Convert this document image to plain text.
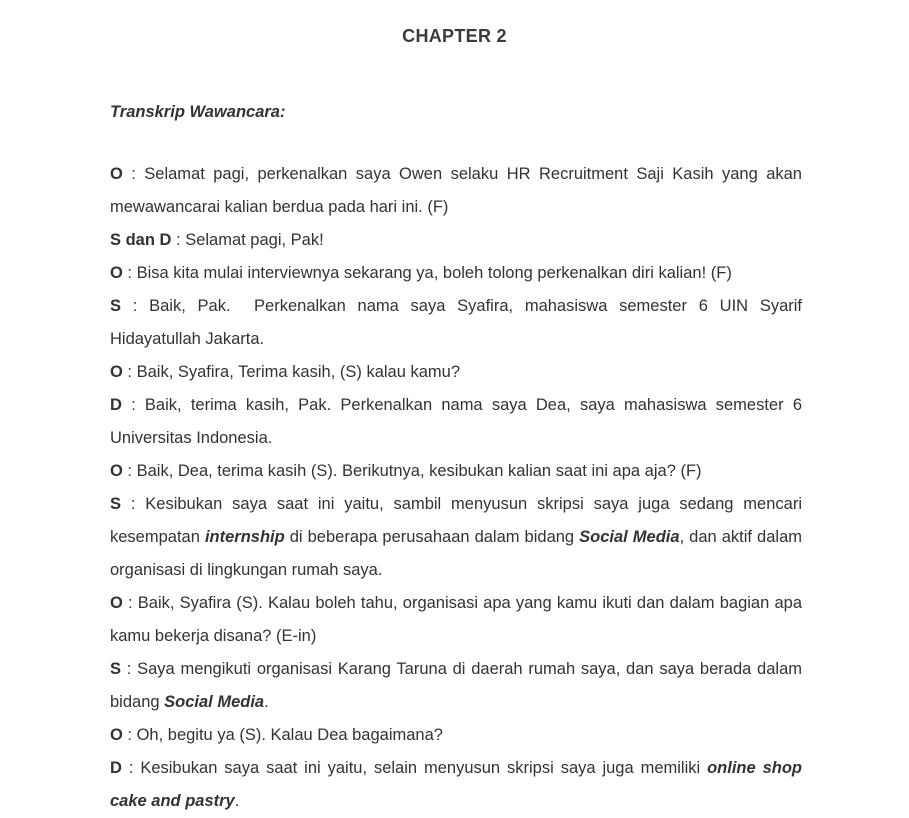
CHAPTER 2

Transkrip Wawancara:

O : Selamat pagi, perkenalkan saya Owen selaku HR Recruitment Saji Kasih yang akan mewawancarai kalian berdua pada hari ini. (F)

S dan D : Selamat pagi, Pak!

O : Bisa kita mulai interviewnya sekarang ya, boleh tolong perkenalkan diri kalian! (F)

S : Baik, Pak.  Perkenalkan nama saya Syafira, mahasiswa semester 6 UIN Syarif Hidayatullah Jakarta.

O : Baik, Syafira, Terima kasih, (S) kalau kamu?

D : Baik, terima kasih, Pak. Perkenalkan nama saya Dea, saya mahasiswa semester 6 Universitas Indonesia.

O : Baik, Dea, terima kasih (S). Berikutnya, kesibukan kalian saat ini apa aja? (F)

S : Kesibukan saya saat ini yaitu, sambil menyusun skripsi saya juga sedang mencari kesempatan internship di beberapa perusahaan dalam bidang Social Media, dan aktif dalam organisasi di lingkungan rumah saya.

O : Baik, Syafira (S). Kalau boleh tahu, organisasi apa yang kamu ikuti dan dalam bagian apa kamu bekerja disana? (E-in)

S : Saya mengikuti organisasi Karang Taruna di daerah rumah saya, dan saya berada dalam bidang Social Media.

O : Oh, begitu ya (S). Kalau Dea bagaimana?

D : Kesibukan saya saat ini yaitu, selain menyusun skripsi saya juga memiliki online shop cake and pastry.
